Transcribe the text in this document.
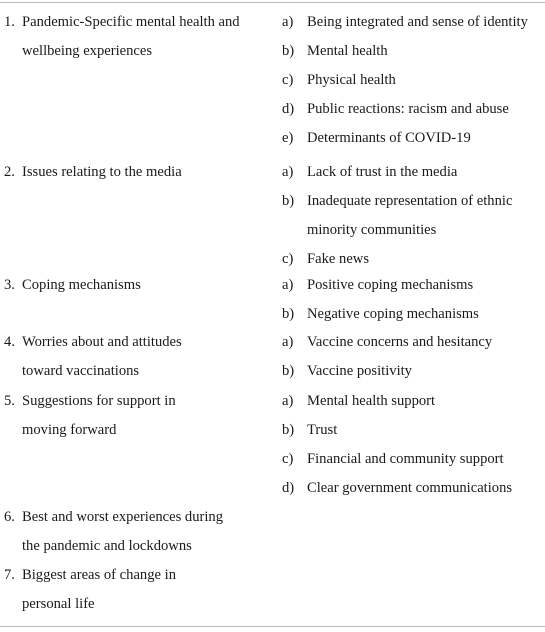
1. Pandemic-Specific mental health and
wellbeing experiences
a) Being integrated and sense of identity
b) Mental health
c) Physical health
d) Public reactions: racism and abuse
e) Determinants of COVID-19
2. Issues relating to the media	a) Lack of trust in the media
b) Inadequate representation of ethnic
minority communities
c) Fake news
3. Coping mechanisms	a) Positive coping mechanisms
b) Negative coping mechanisms
4. Worries about and attitudes
toward vaccinations
a) Vaccine concerns and hesitancy
b) Vaccine positivity
5. Suggestions for support in
moving forward
a) Mental health support
b) Trust
c) Financial and community support
d) Clear government communications
6. Best and worst experiences during
the pandemic and lockdowns
7. Biggest areas of change in
personal life
